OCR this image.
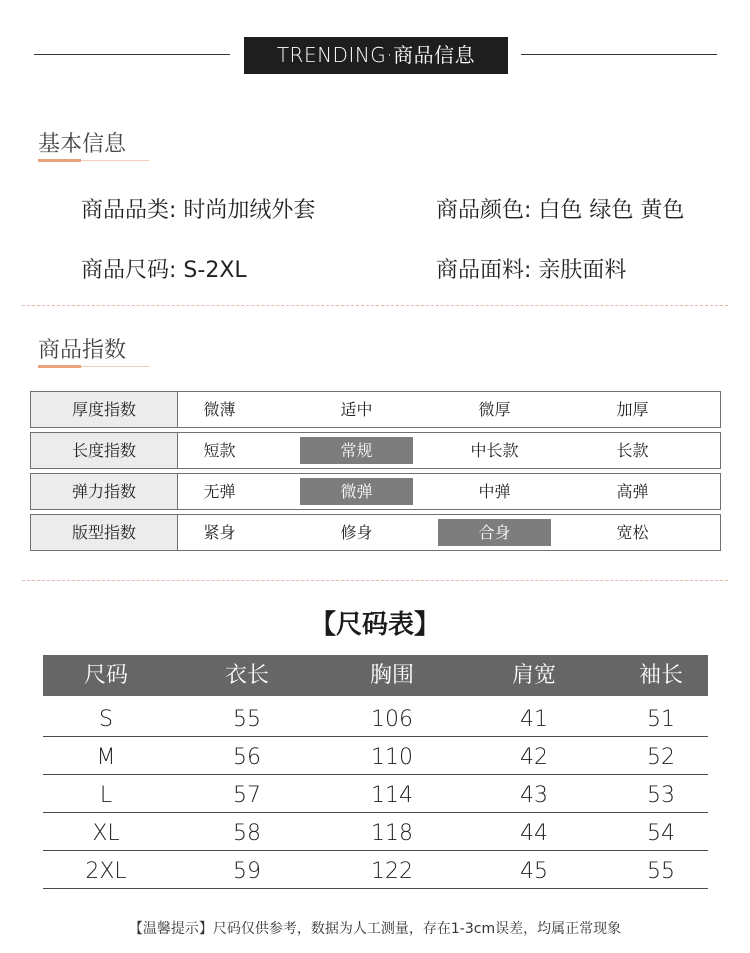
TRENDING·商品信息
基本信息
商品品类: 时尚加绒外套	商品颜色: 白色 绿色 黄色
商品尺码: S-2XL	商品面料: 亲肤面料
商品指数
厚度指数	微薄	适中	微厚	加厚
长度指数	短款	常规	中长款	长款
弹力指数	无弹	微弹	中弹	高弹
版型指数	紧身	修身	合身	宽松
【尺码表】
尺码	衣长	胸围	肩宽	袖长
S	55	106	41	51
M	56	110	42	52
L	57	114	43	53
XL	58	118	44	54
2XL	59	122	45	55
【温馨提示】尺码仅供参考，数据为人工测量，存在1-3cm误差，均属正常现象
